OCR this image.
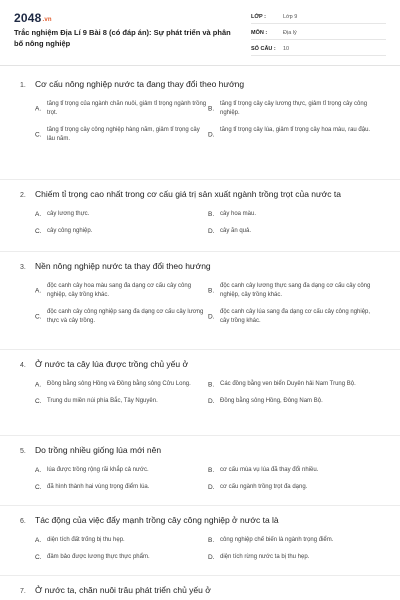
2048.vn
Trắc nghiệm Địa Lí 9 Bài 8 (có đáp án): Sự phát triển và phân bố nông nghiệp
LỚP :	Lớp 9
MÔN :	Địa lý
SỐ CÂU :	10
1. Cơ cấu nông nghiệp nước ta đang thay đổi theo hướng
A.
tăng tỉ trọng của ngành chăn nuôi, giảm tỉ trọng ngành trồng trọt.
B.
tăng tỉ trọng cây cây lương thực, giảm tỉ trọng cây công nghiệp.
C.
tăng tỉ trọng cây công nghiệp hàng năm, giảm tỉ trọng cây lâu năm.
D.
tăng tỉ trọng cây lúa, giảm tỉ trọng cây hoa màu, rau đậu.
2. Chiếm tỉ trọng cao nhất trong cơ cấu giá trị sản xuất ngành trồng trọt của nước ta
A. cây lương thực.	B. cây hoa màu.
C. cây công nghiệp.	D. cây ăn quả.
3. Nền nông nghiệp nước ta thay đổi theo hướng
A.
độc canh cây hoa màu sang đa dạng cơ cấu cây công nghiệp, cây trồng khác.
B.
độc canh cây lương thực sang đa dạng cơ cấu cây công nghiệp, cây trồng khác.
C.
độc canh cây công nghiệp sang đa dạng cơ cấu cây lương thực và cây trồng.
D.
độc canh cây lúa sang đa dạng cơ cấu cây công nghiệp, cây trồng khác.
4. Ở nước ta cây lúa được trồng chủ yếu ở
A. Đồng bằng sông Hồng và Đồng bằng sông Cửu Long.	B. Các đồng bằng ven biển Duyên hải Nam Trung Bộ.
C. Trung du miền núi phía Bắc, Tây Nguyên.	D. Đồng bằng sông Hồng, Đông Nam Bộ.
5. Do trồng nhiều giống lúa mới nên
A. lúa được trồng rộng rãi khắp cả nước.	B. cơ cấu mùa vụ lúa đã thay đổi nhiều.
C. đã hình thành hai vùng trọng điểm lúa.	D. cơ cấu ngành trồng trọt đa dạng.
6. Tác động của việc đẩy mạnh trồng cây công nghiệp ở nước ta là
A. diện tích đất trống bị thu hẹp.	B. công nghiệp chế biến là ngành trọng điểm.
C. đảm bảo được lương thực thực phẩm.	D. diện tích rừng nước ta bị thu hẹp.
7. Ở nước ta, chăn nuôi trâu phát triển chủ yếu ở
